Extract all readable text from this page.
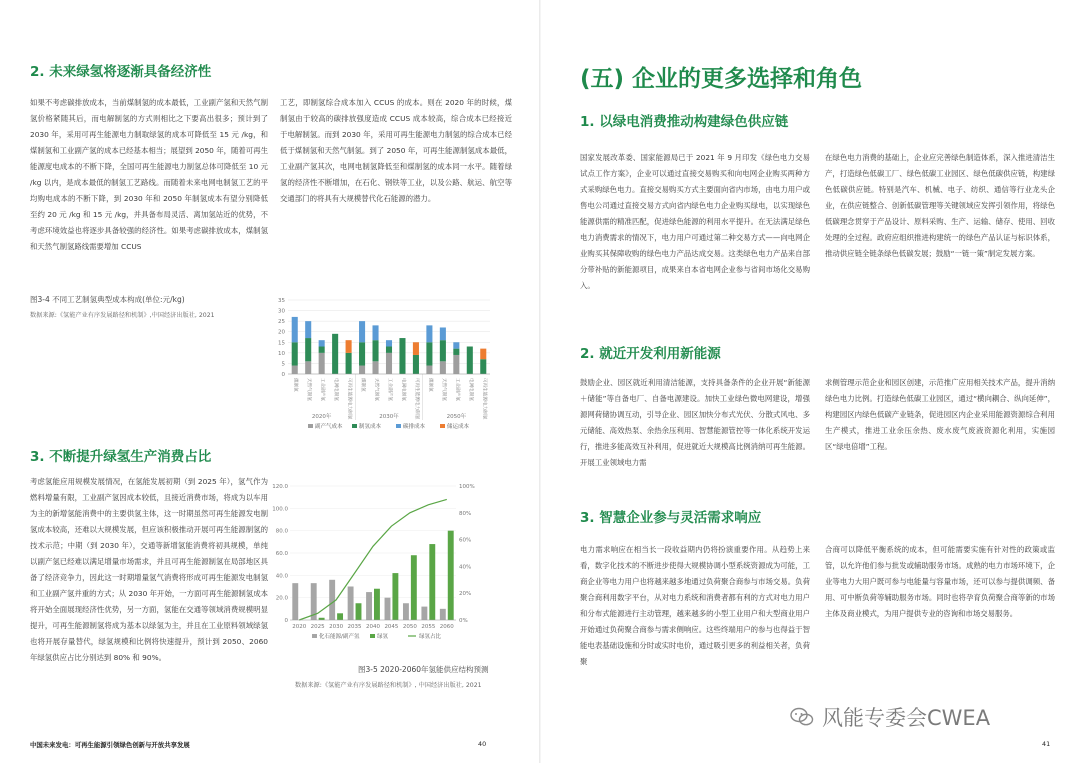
2. 未来绿氢将逐渐具备经济性
如果不考虑碳排放成本，当前煤制氢的成本最低，工业副产氢和天然气制氢价格紧随其后，而电解制氢的方式则相比之下要高出很多；预计到了 2030 年，采用可再生能源电力制取绿氢的成本可降低至 15 元 /kg，和煤制氢和工业副产氢的成本已经基本相当；展望到 2050 年，随着可再生能源度电成本的不断下降，全国可再生能源电力制氢总体可降低至 10 元 /kg 以内，是成本最低的制氢工艺路线。而随着未来电网电制氢工艺的平均购电成本的不断下降，到 2030 年和 2050 年制氢成本有望分别降低至约 20 元 /kg 和 15 元 /kg，并具备布局灵活、离加氢站近的优势，不考虑环境效益也将逐步具备较强的经济性。如果考虑碳排放成本，煤制氢和天然气制氢路线需要增加 CCUS
工艺，即制氢综合成本加入 CCUS 的成本。则在 2020 年的时候，煤制氢由于较高的碳排放强度造成 CCUS 成本较高，综合成本已经接近于电解制氢。而到 2030 年，采用可再生能源电力制氢的综合成本已经低于煤制氢和天然气制氢。到了 2050 年，可再生能源制氢成本最低，工业副产氢其次，电网电制氢降低至和煤制氢的成本同一水平。随着绿氢的经济性不断增加，在石化、钢铁等工业，以及公路、航运、航空等交通部门的将具有大规模替代化石能源的潜力。
图3-4 不同工艺制氢典型成本构成(单位:元/kg)
数据来源:《氢能产业有序发展路径和机制》,中国经济出版社, 2021
0
5
10
15
20
25
30
35
煤制氢	天然气制氢	工业副产氢	电网电制氢	可再生能源电力制氢	煤制氢	天然气制氢	工业副产氢	电网电制氢	可再生能源电力制氢	煤制氢	天然气制氢	工业副产氢	电网电制氢	可再生能源电力制氢
2020年	2030年	2050年
副产气成本	制氢成本	碳排成本	储运成本
3. 不断提升绿氢生产消费占比
考虑氢能应用规模发展情况，在氢能发展初期（到 2025 年），氢气作为燃料增量有限，工业副产氢因成本较低，且接近消费市场，将成为以车用为主的新增氢能消费中的主要供氢主体，这一时期虽然可再生能源发电制氢成本较高，还难以大规模发展，但应该积极推动开展可再生能源制氢的技术示范；中期（到 2030 年），交通等新增氢能消费将初具规模，单纯以副产氢已经难以满足增量市场需求，并且可再生能源制氢在局部地区具备了经济竞争力，因此这一时期增量氢气消费将形成可再生能源发电制氢和工业副产氢并重的方式；从 2030 年开始，一方面可再生能源制氢成本将开始全面展现经济性优势，另一方面，氢能在交通等领域消费规模明显提升，可再生能源制氢将成为基本以绿氢为主，并且在工业原料领域绿氢也将开展存量替代，绿氢规模和比例将快速提升，预计到 2050、2060 年绿氢供应占比分别达到 80% 和 90%。
0
20.0
40.0
60.0
80.0
100.0
120.0
0%
20%
40%
60%
80%
100%
2020 2025 2030 2035 2040 2045 2050 2055 2060
化石能源/副产氢	绿氢	绿氢占比
图3-5 2020-2060年氢能供应结构预测
数据来源:《氢能产业有序发展路径和机制》, 中国经济出版社, 2021
中国未来发电：可再生能源引领绿色创新与开放共享发展	40
(五) 企业的更多选择和角色
1. 以绿电消费推动构建绿色供应链
国家发展改革委、国家能源局已于 2021 年 9 月印发《绿色电力交易试点工作方案》，企业可以通过直接交易购买和向电网企业购买两种方式采购绿色电力。直接交易购买方式主要面向省内市场，由电力用户或售电公司通过直接交易方式向省内绿色电力企业购买绿电，以实现绿色能源供需的精准匹配，促进绿色能源的利用水平提升。在无法满足绿色电力消费需求的情况下，电力用户可通过第二种交易方式——向电网企业购买其保障收购的绿色电力产品达成交易。这类绿色电力产品来自部分带补贴的新能源项目，成果来自本省电网企业参与省间市场化交易购入。
在绿色电力消费的基础上，企业应完善绿色制造体系，深入推进清洁生产，打造绿色低碳工厂、绿色低碳工业园区、绿色低碳供应链，构建绿色低碳供应链。特别是汽车、机械、电子、纺织、通信等行业龙头企业，在供应链整合、创新低碳管理等关键领域应发挥引领作用，将绿色低碳理念贯穿于产品设计、原料采购、生产、运输、储存、使用、回收处理的全过程。政府应组织推进构建统一的绿色产品认证与标识体系，推动供应链全链条绿色低碳发展；鼓励“一链一策”制定发展方案。
2. 就近开发利用新能源
鼓励企业、园区就近利用清洁能源，支持具备条件的企业开展“新能源＋储能”等自备电厂、自备电源建设。加快工业绿色微电网建设，增强源网荷储协调互动，引导企业、园区加快分布式光伏、分散式风电、多元储能、高效热泵、余热余压利用、智慧能源管控等一体化系统开发运行，推进多能高效互补利用，促进就近大规模高比例消纳可再生能源。开展工业领域电力需
求侧管理示范企业和园区创建，示范推广应用相关技术产品，提升消纳绿色电力比例。打造绿色低碳工业园区，通过“横向耦合、纵向延伸”，构建园区内绿色低碳产业链条，促进园区内企业采用能源资源综合利用生产模式，推进工业余压余热、废水废气废液资源化利用，实施园区“绿电倍增”工程。
3. 智慧企业参与灵活需求响应
电力需求响应在相当长一段收益期内仍将扮演重要作用。从趋势上来看，数字化技术的不断进步使得大规模协调小型系统资源成为可能，工商企业等电力用户也将越来越多地通过负荷聚合商参与市场交易。负荷聚合商利用数字平台，从对电力系统和消费者都有利的方式对电力用户和分布式能源进行主动管理，越来越多的小型工业用户和大型商业用户开始通过负荷聚合商参与需求侧响应。这些终端用户的参与也得益于智能电表基础设施和分时或实时电价，通过吸引更多的利益相关者，负荷聚
合商可以降低平衡系统的成本，但可能需要实施有针对性的政策或监管，以允许他们参与批发或辅助服务市场。成熟的电力市场环境下，企业等电力大用户既可参与电能量与容量市场，还可以参与提供调频、备用、可中断负荷等辅助服务市场。同时也将孕育负荷聚合商等新的市场主体及商业模式，为用户提供专业的咨询和市场交易服务。
41
风能专委会CWEA
